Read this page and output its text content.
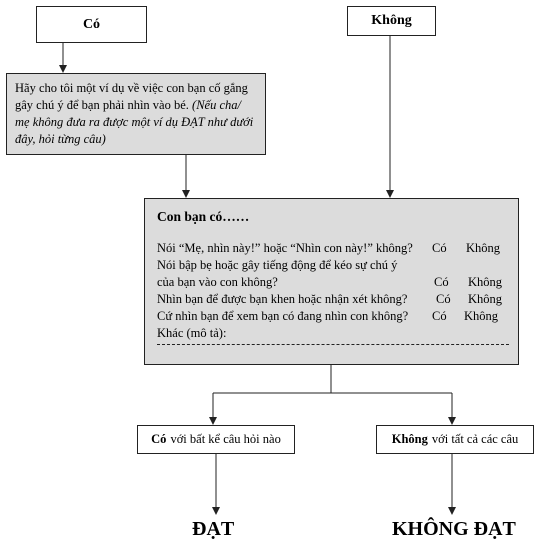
Có	Không
Hãy cho tôi một ví dụ về việc con bạn cố gắng gây chú ý để bạn phải nhìn vào bé. (Nếu cha/ mẹ không đưa ra được một ví dụ ĐẠT như dưới đây, hỏi từng câu)
Con bạn có……
Nói “Mẹ, nhìn này!” hoặc “Nhìn con này!” không? Có Không
Nói bập bẹ hoặc gây tiếng động để kéo sự chú ý
của bạn vào con không?	Có Không
Nhìn bạn để được bạn khen hoặc nhận xét không? Có Không
Cứ nhìn bạn để xem bạn có đang nhìn con không? Có Không
Khác (mô tả):
Có với bất kể câu hỏi nào	Không với tất cả các câu
ĐẠT	KHÔNG ĐẠT
